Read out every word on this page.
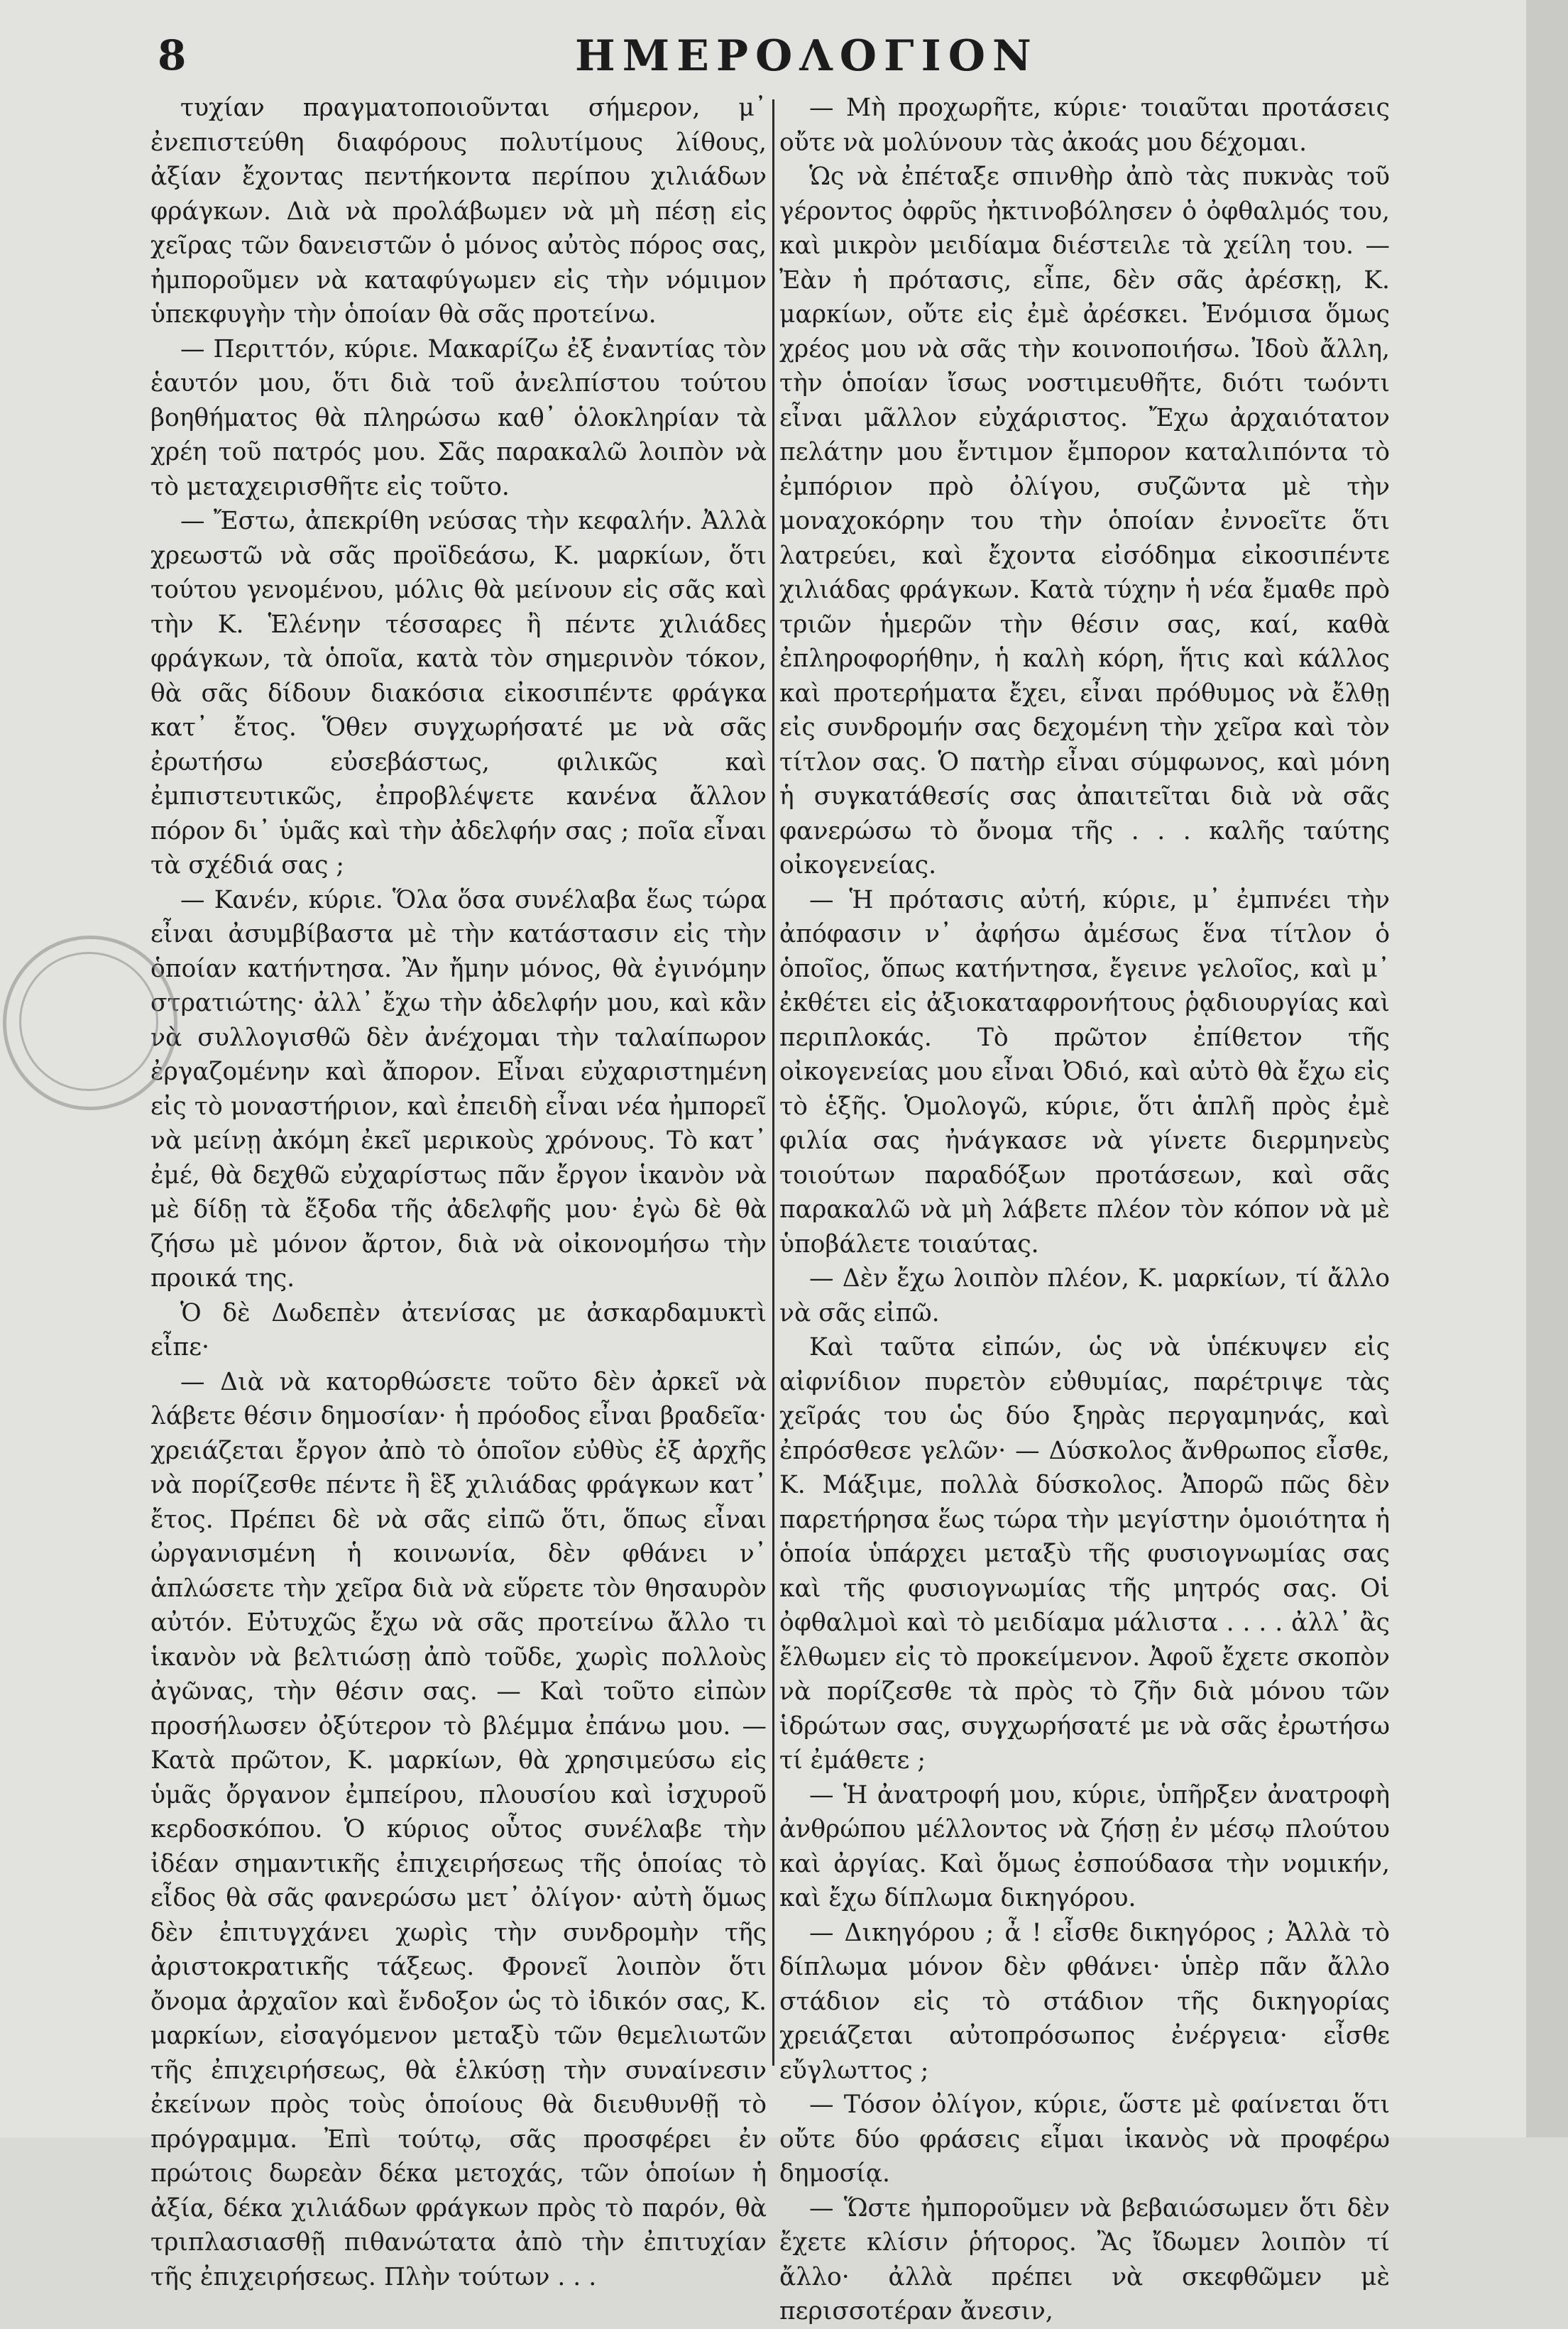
8	ΗΜΕΡΟΛΟΓΙΟΝ

τυχίαν πραγματοποιοῦνται σήμερον, μ᾽ ἐνεπιστεύθη διαφόρους πολυτίμους λίθους, ἀξίαν ἔχοντας πεντήκοντα περίπου χιλιάδων φράγκων. Διὰ νὰ προλάβωμεν νὰ μὴ πέσῃ εἰς χεῖρας τῶν δανειστῶν ὁ μόνος αὐτὸς πόρος σας, ἠμποροῦμεν νὰ καταφύγωμεν εἰς τὴν νόμιμον ὑπεκφυγὴν τὴν ὁποίαν θὰ σᾶς προτείνω.

— Περιττόν, κύριε. Μακαρίζω ἐξ ἐναντίας τὸν ἑαυτόν μου, ὅτι διὰ τοῦ ἀνελπίστου τούτου βοηθήματος θὰ πληρώσω καθ᾽ ὁλοκληρίαν τὰ χρέη τοῦ πατρός μου. Σᾶς παρακαλῶ λοιπὸν νὰ τὸ μεταχειρισθῆτε εἰς τοῦτο.

— Ἔστω, ἀπεκρίθη νεύσας τὴν κεφαλήν. Ἀλλὰ χρεωστῶ νὰ σᾶς προϊδεάσω, Κ. μαρκίων, ὅτι τούτου γενομένου, μόλις θὰ μείνουν εἰς σᾶς καὶ τὴν Κ. Ἑλένην τέσσαρες ἢ πέντε χιλιάδες φράγκων, τὰ ὁποῖα, κατὰ τὸν σημερινὸν τόκον, θὰ σᾶς δίδουν διακόσια εἰκοσιπέντε φράγκα κατ᾽ ἔτος. Ὅθεν συγχωρήσατέ με νὰ σᾶς ἐρωτήσω εὐσεβάστως, φιλικῶς καὶ ἐμπιστευτικῶς, ἐπροβλέψετε κανένα ἄλλον πόρον δι᾽ ὑμᾶς καὶ τὴν ἀδελφήν σας ; ποῖα εἶναι τὰ σχέδιά σας ;

— Κανέν, κύριε. Ὅλα ὅσα συνέλαβα ἕως τώρα εἶναι ἀσυμβίβαστα μὲ τὴν κατάστασιν εἰς τὴν ὁποίαν κατήντησα. Ἂν ἤμην μόνος, θὰ ἐγινόμην στρατιώτης· ἀλλ᾽ ἔχω τὴν ἀδελφήν μου, καὶ κἂν νὰ συλλογισθῶ δὲν ἀνέχομαι τὴν ταλαίπωρον ἐργαζομένην καὶ ἄπορον. Εἶναι εὐχαριστημένη εἰς τὸ μοναστήριον, καὶ ἐπειδὴ εἶναι νέα ἠμπορεῖ νὰ μείνῃ ἀκόμη ἐκεῖ μερικοὺς χρόνους. Τὸ κατ᾽ ἐμέ, θὰ δεχθῶ εὐχαρίστως πᾶν ἔργον ἱκανὸν νὰ μὲ δίδῃ τὰ ἔξοδα τῆς ἀδελφῆς μου· ἐγὼ δὲ θὰ ζήσω μὲ μόνον ἄρτον, διὰ νὰ οἰκονομήσω τὴν προικά της.

Ὁ δὲ Δωδεπὲν ἀτενίσας με ἀσκαρδαμυκτὶ εἶπε·

— Διὰ νὰ κατορθώσετε τοῦτο δὲν ἀρκεῖ νὰ λάβετε θέσιν δημοσίαν· ἡ πρόοδος εἶναι βραδεῖα· χρειάζεται ἔργον ἀπὸ τὸ ὁποῖον εὐθὺς ἐξ ἀρχῆς νὰ πορίζεσθε πέντε ἢ ἓξ χιλιάδας φράγκων κατ᾽ ἔτος. Πρέπει δὲ νὰ σᾶς εἰπῶ ὅτι, ὅπως εἶναι ὠργανισμένη ἡ κοινωνία, δὲν φθάνει ν᾽ ἁπλώσετε τὴν χεῖρα διὰ νὰ εὕρετε τὸν θησαυρὸν αὐτόν. Εὐτυχῶς ἔχω νὰ σᾶς προτείνω ἄλλο τι ἱκανὸν νὰ βελτιώσῃ ἀπὸ τοῦδε, χωρὶς πολλοὺς ἀγῶνας, τὴν θέσιν σας. — Καὶ τοῦτο εἰπὼν προσήλωσεν ὀξύτερον τὸ βλέμμα ἐπάνω μου. — Κατὰ πρῶτον, Κ. μαρκίων, θὰ χρησιμεύσω εἰς ὑμᾶς ὄργανον ἐμπείρου, πλουσίου καὶ ἰσχυροῦ κερδοσκόπου. Ὁ κύριος οὗτος συνέλαβε τὴν ἰδέαν σημαντικῆς ἐπιχειρήσεως τῆς ὁποίας τὸ εἶδος θὰ σᾶς φανερώσω μετ᾽ ὀλίγον· αὐτὴ ὅμως δὲν ἐπιτυγχάνει χωρὶς τὴν συνδρομὴν τῆς ἀριστοκρατικῆς τάξεως. Φρονεῖ λοιπὸν ὅτι ὄνομα ἀρχαῖον καὶ ἔνδοξον ὡς τὸ ἰδικόν σας, Κ. μαρκίων, εἰσαγόμενον μεταξὺ τῶν θεμελιωτῶν τῆς ἐπιχειρήσεως, θὰ ἑλκύσῃ τὴν συναίνεσιν ἐκείνων πρὸς τοὺς ὁποίους θὰ διευθυνθῇ τὸ πρόγραμμα. Ἐπὶ τούτῳ, σᾶς προσφέρει ἐν πρώτοις δωρεὰν δέκα μετοχάς, τῶν ὁποίων ἡ ἀξία, δέκα χιλιάδων φράγκων πρὸς τὸ παρόν, θὰ τριπλασιασθῇ πιθανώτατα ἀπὸ τὴν ἐπιτυχίαν τῆς ἐπιχειρήσεως. Πλὴν τούτων . . .

— Μὴ προχωρῆτε, κύριε· τοιαῦται προτάσεις οὔτε νὰ μολύνουν τὰς ἀκοάς μου δέχομαι.

Ὡς νὰ ἐπέταξε σπινθὴρ ἀπὸ τὰς πυκνὰς τοῦ γέροντος ὀφρῦς ἠκτινοβόλησεν ὁ ὀφθαλμός του, καὶ μικρὸν μειδίαμα διέστειλε τὰ χείλη του. — Ἐὰν ἡ πρότασις, εἶπε, δὲν σᾶς ἀρέσκῃ, Κ. μαρκίων, οὔτε εἰς ἐμὲ ἀρέσκει. Ἐνόμισα ὅμως χρέος μου νὰ σᾶς τὴν κοινοποιήσω. Ἰδοὺ ἄλλη, τὴν ὁποίαν ἴσως νοστιμευθῆτε, διότι τωόντι εἶναι μᾶλλον εὐχάριστος. Ἔχω ἀρχαιότατον πελάτην μου ἔντιμον ἔμπορον καταλιπόντα τὸ ἐμπόριον πρὸ ὀλίγου, συζῶντα μὲ τὴν μοναχοκόρην του τὴν ὁποίαν ἐννοεῖτε ὅτι λατρεύει, καὶ ἔχοντα εἰσόδημα εἰκοσιπέντε χιλιάδας φράγκων. Κατὰ τύχην ἡ νέα ἔμαθε πρὸ τριῶν ἡμερῶν τὴν θέσιν σας, καί, καθὰ ἐπληροφορήθην, ἡ καλὴ κόρη, ἥτις καὶ κάλλος καὶ προτερήματα ἔχει, εἶναι πρόθυμος νὰ ἔλθῃ εἰς συνδρομήν σας δεχομένη τὴν χεῖρα καὶ τὸν τίτλον σας. Ὁ πατὴρ εἶναι σύμφωνος, καὶ μόνη ἡ συγκατάθεσίς σας ἀπαιτεῖται διὰ νὰ σᾶς φανερώσω τὸ ὄνομα τῆς . . . καλῆς ταύτης οἰκογενείας.

— Ἡ πρότασις αὐτή, κύριε, μ᾽ ἐμπνέει τὴν ἀπόφασιν ν᾽ ἀφήσω ἀμέσως ἕνα τίτλον ὁ ὁποῖος, ὅπως κατήντησα, ἔγεινε γελοῖος, καὶ μ᾽ ἐκθέτει εἰς ἀξιοκαταφρονήτους ῥᾳδιουργίας καὶ περιπλοκάς. Τὸ πρῶτον ἐπίθετον τῆς οἰκογενείας μου εἶναι Ὀδιό, καὶ αὐτὸ θὰ ἔχω εἰς τὸ ἑξῆς. Ὁμολογῶ, κύριε, ὅτι ἁπλῆ πρὸς ἐμὲ φιλία σας ἠνάγκασε νὰ γίνετε διερμηνεὺς τοιούτων παραδόξων προτάσεων, καὶ σᾶς παρακαλῶ νὰ μὴ λάβετε πλέον τὸν κόπον νὰ μὲ ὑποβάλετε τοιαύτας.

— Δὲν ἔχω λοιπὸν πλέον, Κ. μαρκίων, τί ἄλλο νὰ σᾶς εἰπῶ.

Καὶ ταῦτα εἰπών, ὡς νὰ ὑπέκυψεν εἰς αἰφνίδιον πυρετὸν εὐθυμίας, παρέτριψε τὰς χεῖράς του ὡς δύο ξηρὰς περγαμηνάς, καὶ ἐπρόσθεσε γελῶν· — Δύσκολος ἄνθρωπος εἶσθε, Κ. Μάξιμε, πολλὰ δύσκολος. Ἀπορῶ πῶς δὲν παρετήρησα ἕως τώρα τὴν μεγίστην ὁμοιότητα ἡ ὁποία ὑπάρχει μεταξὺ τῆς φυσιογνωμίας σας καὶ τῆς φυσιογνωμίας τῆς μητρός σας. Οἱ ὀφθαλμοὶ καὶ τὸ μειδίαμα μάλιστα . . . . ἀλλ᾽ ἂς ἔλθωμεν εἰς τὸ προκείμενον. Ἀφοῦ ἔχετε σκοπὸν νὰ πορίζεσθε τὰ πρὸς τὸ ζῆν διὰ μόνου τῶν ἱδρώτων σας, συγχωρήσατέ με νὰ σᾶς ἐρωτήσω τί ἐμάθετε ;

— Ἡ ἀνατροφή μου, κύριε, ὑπῆρξεν ἀνατροφὴ ἀνθρώπου μέλλοντος νὰ ζήσῃ ἐν μέσῳ πλούτου καὶ ἀργίας. Καὶ ὅμως ἐσπούδασα τὴν νομικήν, καὶ ἔχω δίπλωμα δικηγόρου.

— Δικηγόρου ; ἆ ! εἶσθε δικηγόρος ; Ἀλλὰ τὸ δίπλωμα μόνον δὲν φθάνει· ὑπὲρ πᾶν ἄλλο στάδιον εἰς τὸ στάδιον τῆς δικηγορίας χρειάζεται αὐτοπρόσωπος ἐνέργεια· εἶσθε εὔγλωττος ;

— Τόσον ὀλίγον, κύριε, ὥστε μὲ φαίνεται ὅτι οὔτε δύο φράσεις εἶμαι ἱκανὸς νὰ προφέρω δημοσίᾳ.

— Ὥστε ἠμποροῦμεν νὰ βεβαιώσωμεν ὅτι δὲν ἔχετε κλίσιν ῥήτορος. Ἂς ἴδωμεν λοιπὸν τί ἄλλο· ἀλλὰ πρέπει νὰ σκεφθῶμεν μὲ περισσοτέραν ἄνεσιν,
